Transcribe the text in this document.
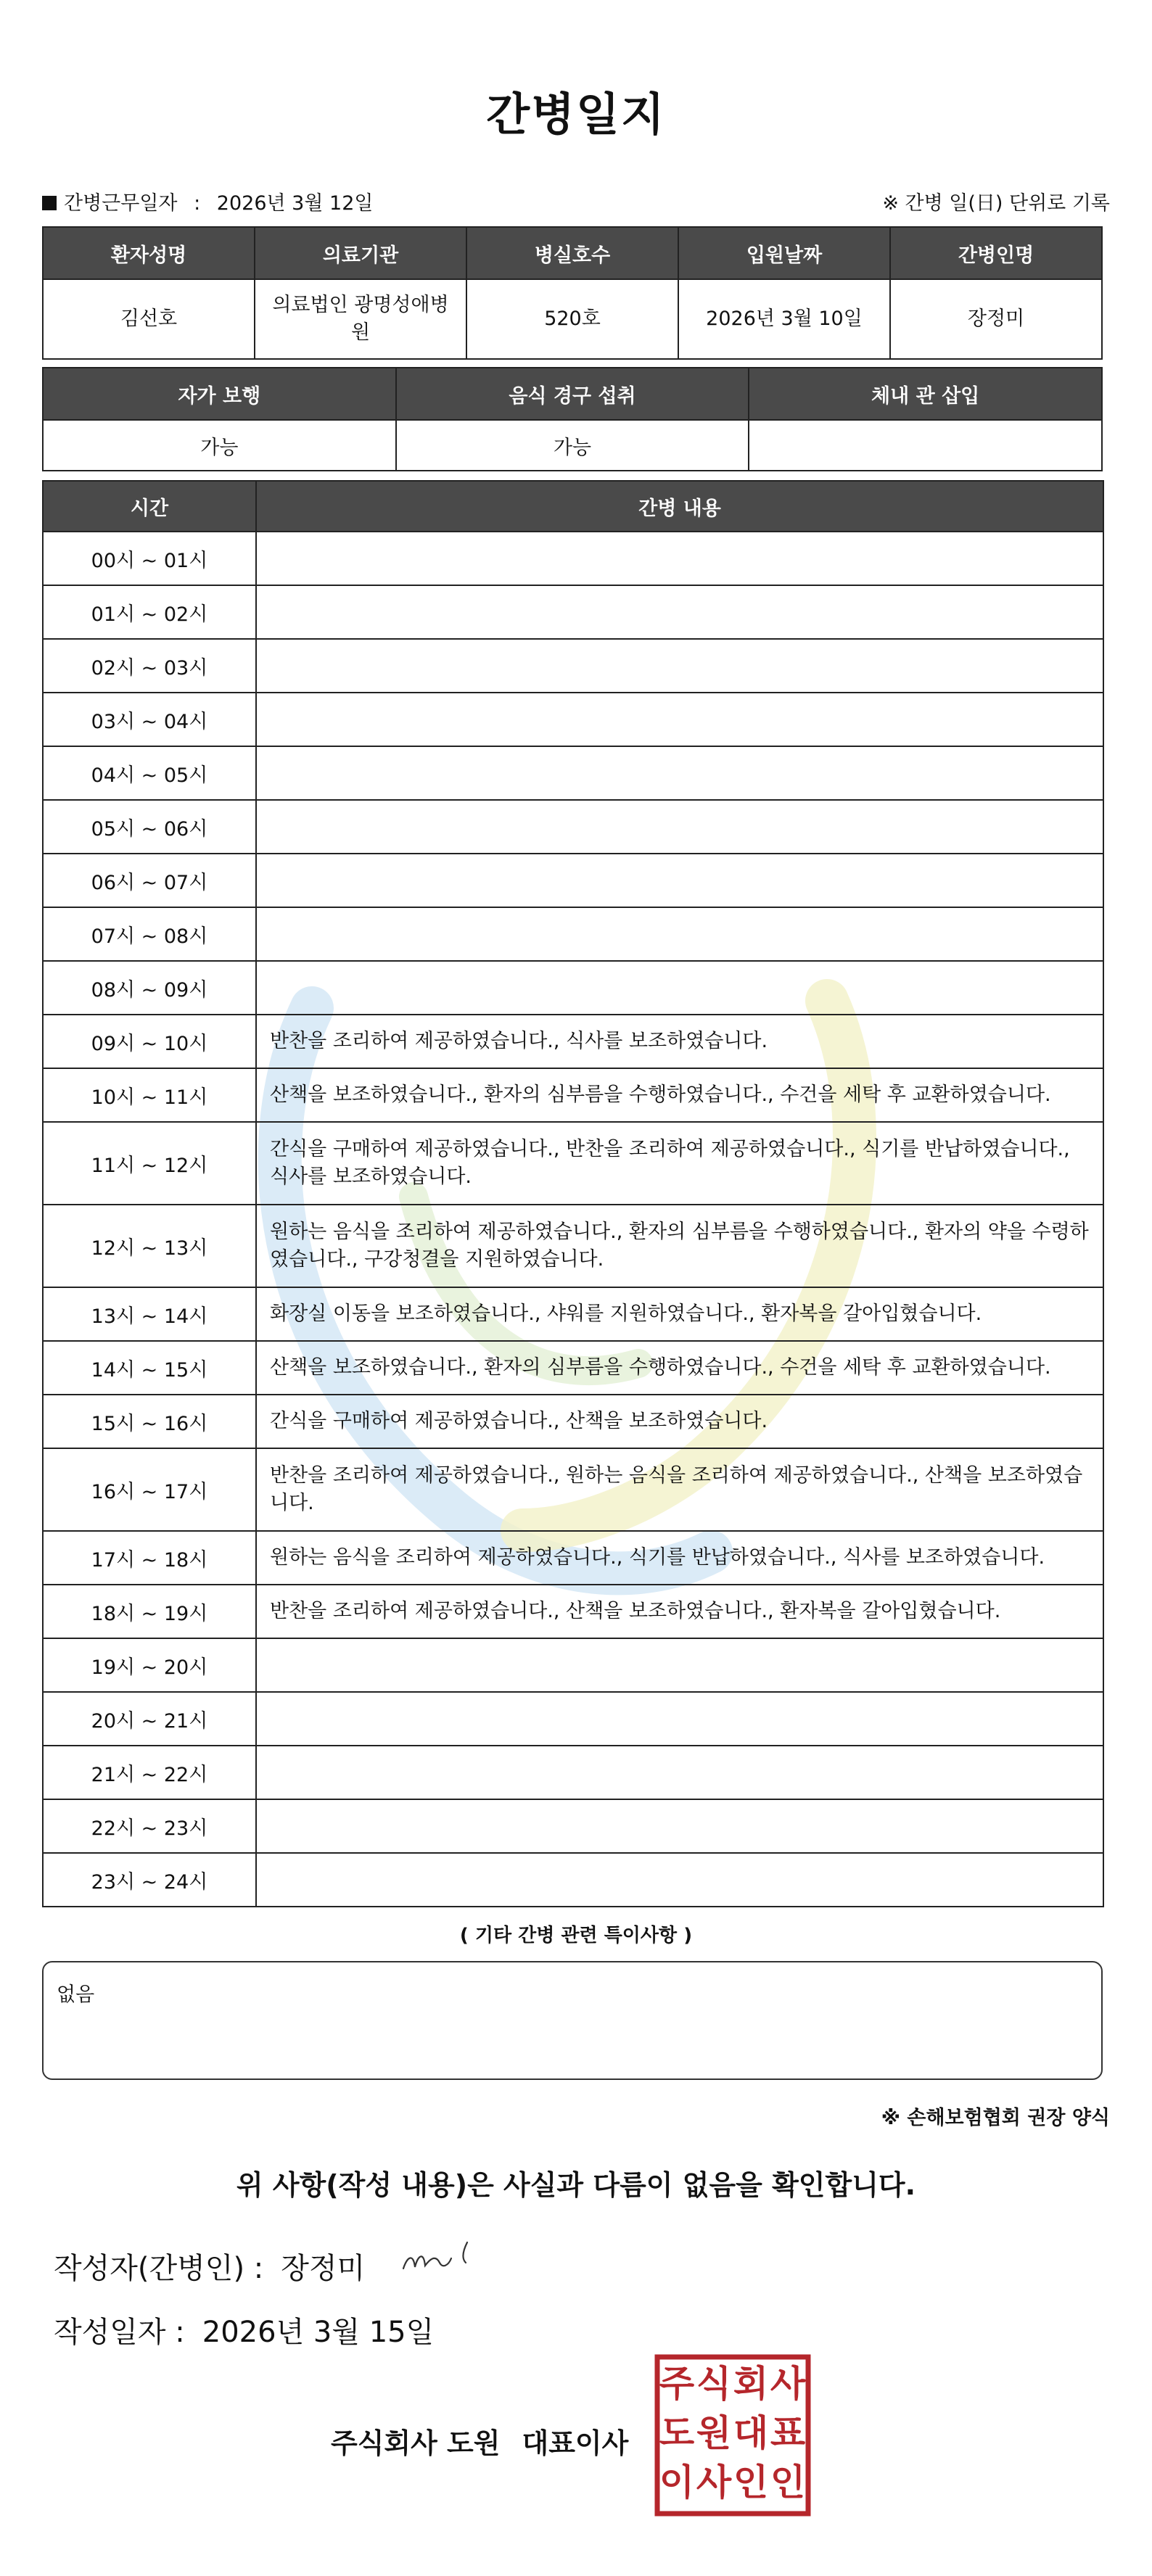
간병일지
간병근무일자 : 2026년 3월 12일	※ 간병 일(日) 단위로 기록
환자성명	의료기관	병실호수	입원날짜	간병인명
김선호	의료법인 광명성애병원	520호	2026년 3월 10일	장정미
자가 보행	음식 경구 섭취	체내 관 삽입
가능	가능	
시간	간병 내용
00시 ~ 01시	
01시 ~ 02시	
02시 ~ 03시	
03시 ~ 04시	
04시 ~ 05시	
05시 ~ 06시	
06시 ~ 07시	
07시 ~ 08시	
08시 ~ 09시	
09시 ~ 10시	반찬을 조리하여 제공하였습니다., 식사를 보조하였습니다.
10시 ~ 11시	산책을 보조하였습니다., 환자의 심부름을 수행하였습니다., 수건을 세탁 후 교환하였습니다.
11시 ~ 12시	간식을 구매하여 제공하였습니다., 반찬을 조리하여 제공하였습니다., 식기를 반납하였습니다., 식사를 보조하였습니다.
12시 ~ 13시	원하는 음식을 조리하여 제공하였습니다., 환자의 심부름을 수행하였습니다., 환자의 약을 수령하였습니다., 구강청결을 지원하였습니다.
13시 ~ 14시	화장실 이동을 보조하였습니다., 샤워를 지원하였습니다., 환자복을 갈아입혔습니다.
14시 ~ 15시	산책을 보조하였습니다., 환자의 심부름을 수행하였습니다., 수건을 세탁 후 교환하였습니다.
15시 ~ 16시	간식을 구매하여 제공하였습니다., 산책을 보조하였습니다.
16시 ~ 17시	반찬을 조리하여 제공하였습니다., 원하는 음식을 조리하여 제공하였습니다., 산책을 보조하였습니다.
17시 ~ 18시	원하는 음식을 조리하여 제공하였습니다., 식기를 반납하였습니다., 식사를 보조하였습니다.
18시 ~ 19시	반찬을 조리하여 제공하였습니다., 산책을 보조하였습니다., 환자복을 갈아입혔습니다.
19시 ~ 20시	
20시 ~ 21시	
21시 ~ 22시	
22시 ~ 23시	
23시 ~ 24시	
( 기타 간병 관련 특이사항 )
없음
※ 손해보험협회 권장 양식
위 사항(작성 내용)은 사실과 다름이 없음을 확인합니다.
작성자(간병인) : 장정미
작성일자 : 2026년 3월 15일
주식회사 도원 대표이사
주 식 회 사
도 원 대 표
이 사 인 인
